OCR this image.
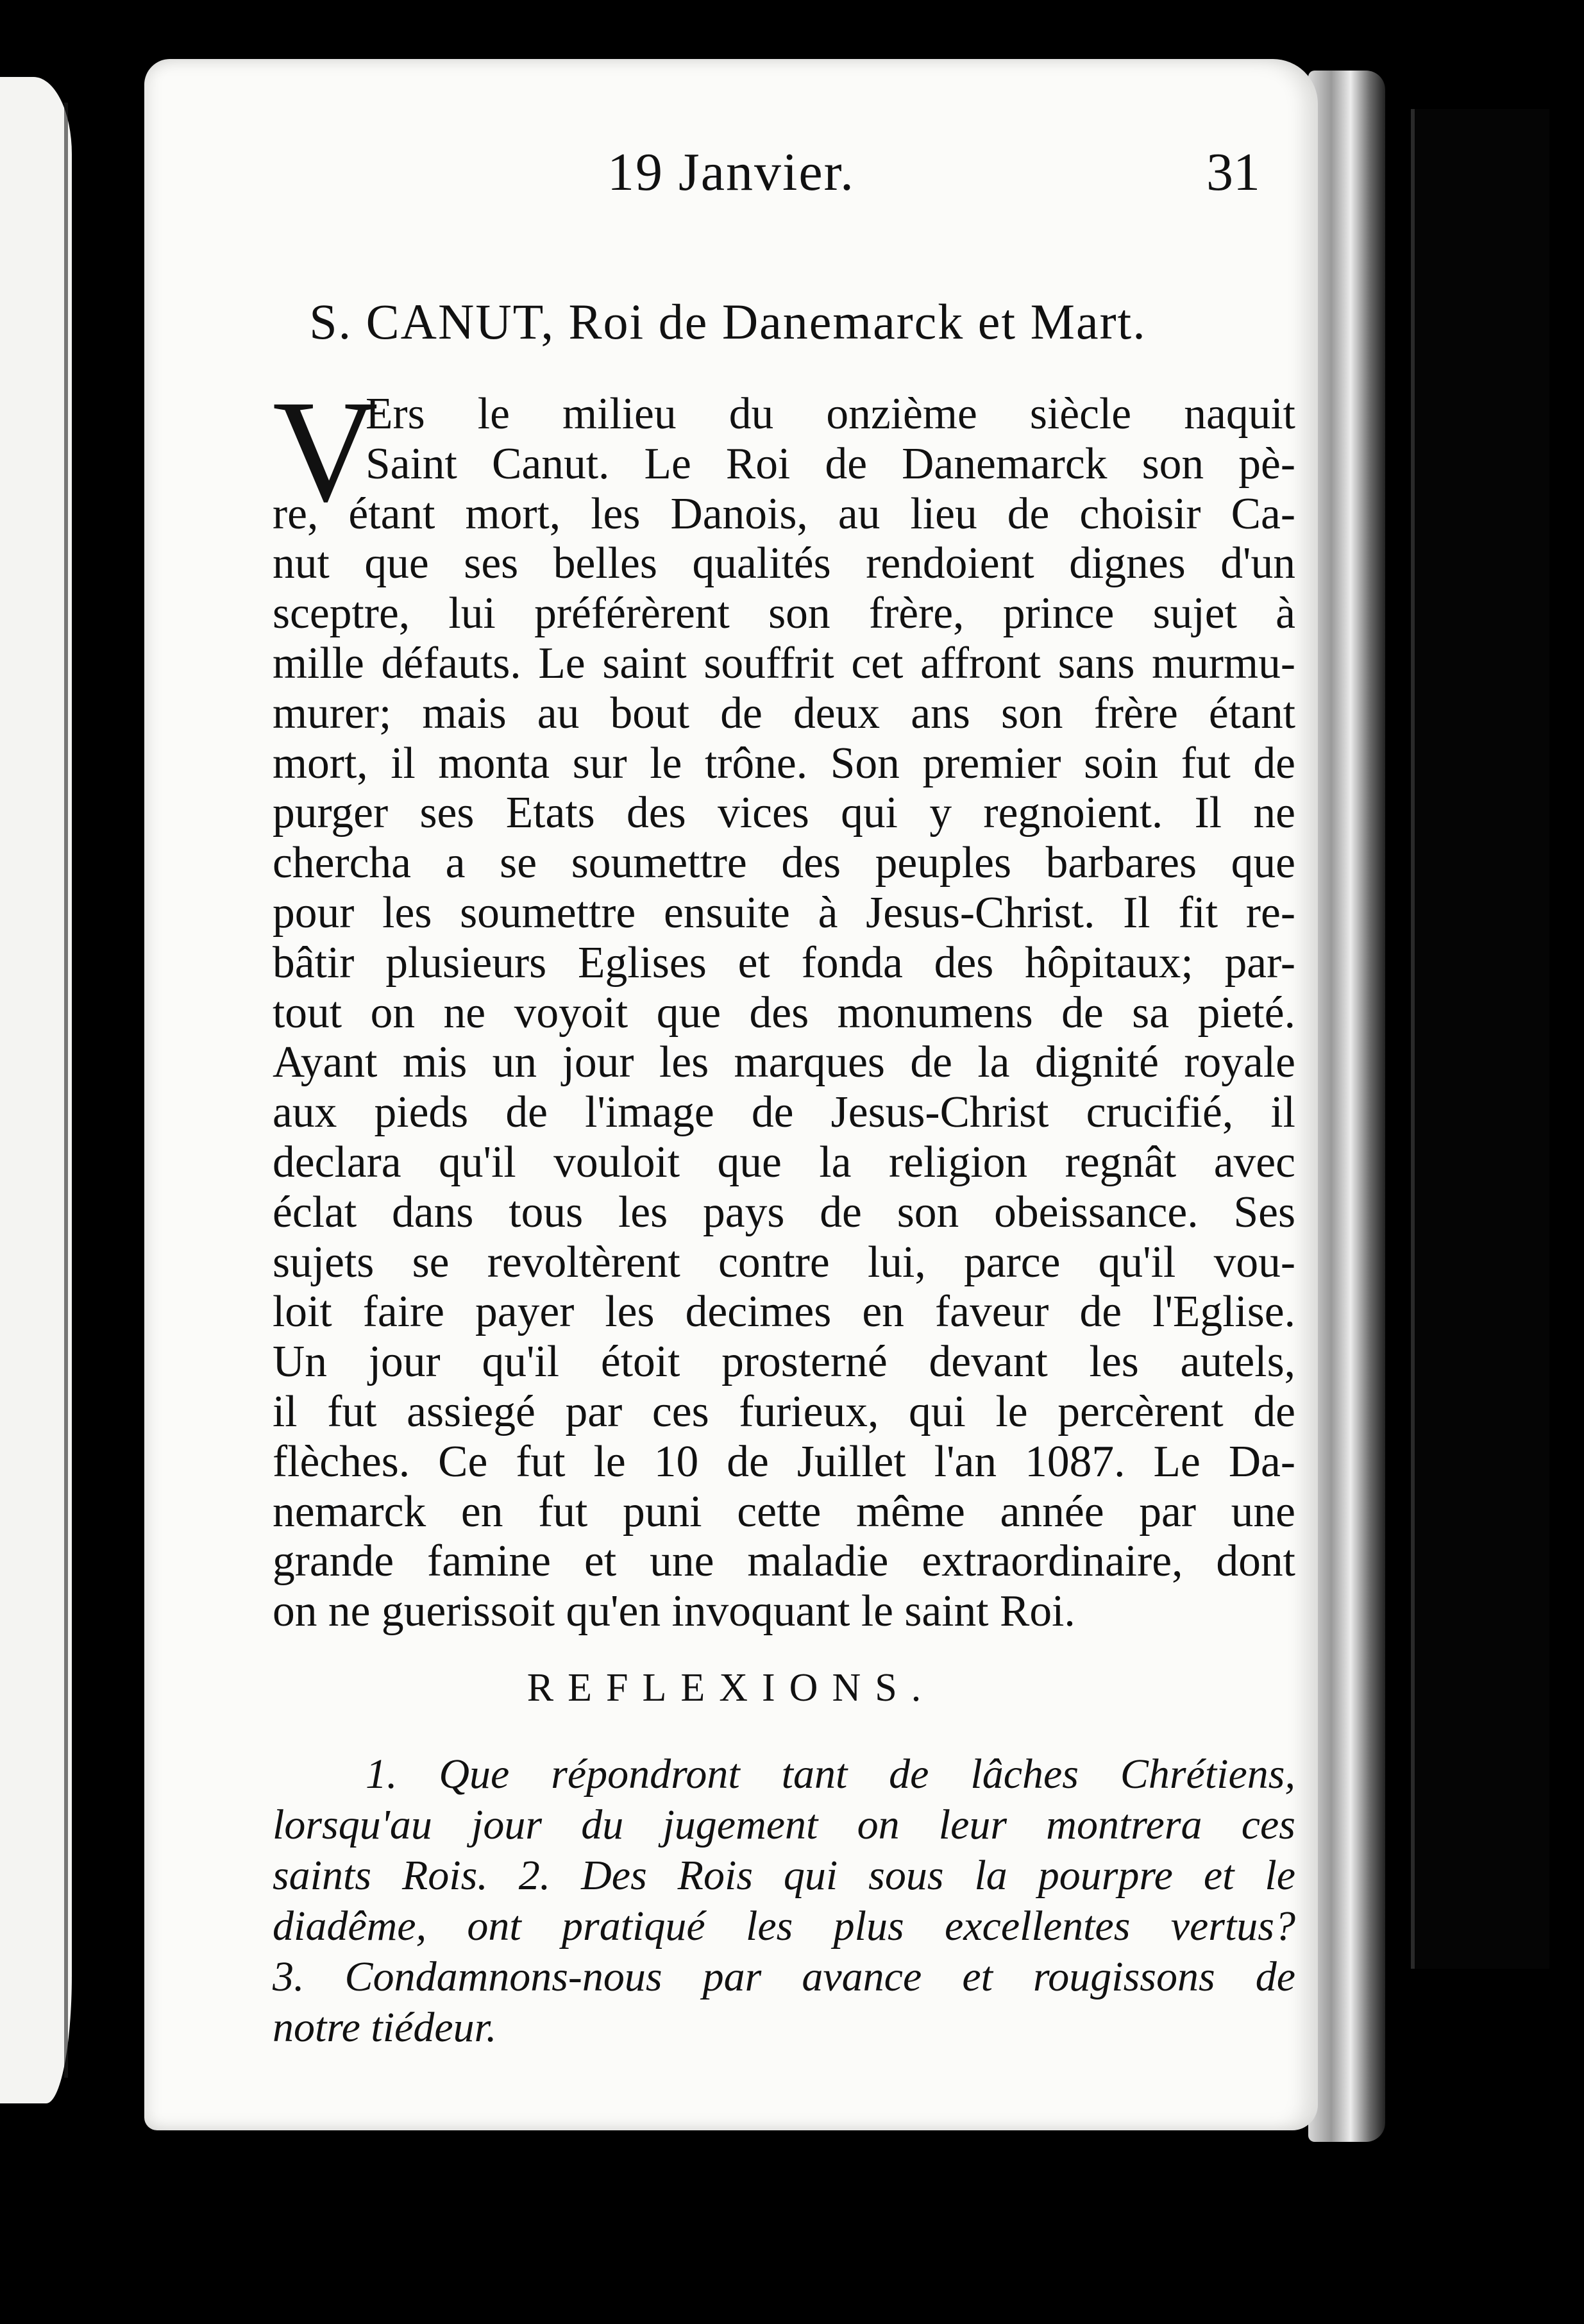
19 Janvier.	31
S. CANUT, Roi de Danemarck et Mart.
V
Ers le milieu du onzième siècle naquit
Saint Canut. Le Roi de Danemarck son pè-
re, étant mort, les Danois, au lieu de choisir Ca-
nut que ses belles qualités rendoient dignes d'un
sceptre, lui préférèrent son frère, prince sujet à
mille défauts. Le saint souffrit cet affront sans murmu-
murer; mais au bout de deux ans son frère étant
mort, il monta sur le trône. Son premier soin fut de
purger ses Etats des vices qui y regnoient. Il ne
chercha a se soumettre des peuples barbares que
pour les soumettre ensuite à Jesus-Christ. Il fit re-
bâtir plusieurs Eglises et fonda des hôpitaux; par-
tout on ne voyoit que des monumens de sa pieté.
Ayant mis un jour les marques de la dignité royale
aux pieds de l'image de Jesus-Christ crucifié, il
declara qu'il vouloit que la religion regnât avec
éclat dans tous les pays de son obeissance. Ses
sujets se revoltèrent contre lui, parce qu'il vou-
loit faire payer les decimes en faveur de l'Eglise.
Un jour qu'il étoit prosterné devant les autels,
il fut assiegé par ces furieux, qui le percèrent de
flèches. Ce fut le 10 de Juillet l'an 1087. Le Da-
nemarck en fut puni cette même année par une
grande famine et une maladie extraordinaire, dont
on ne guerissoit qu'en invoquant le saint Roi.
REFLEXIONS.
1. Que répondront tant de lâches Chrétiens,
lorsqu'au jour du jugement on leur montrera ces
saints Rois. 2. Des Rois qui sous la pourpre et le
diadême, ont pratiqué les plus excellentes vertus?
3. Condamnons-nous par avance et rougissons de
notre tiédeur.
